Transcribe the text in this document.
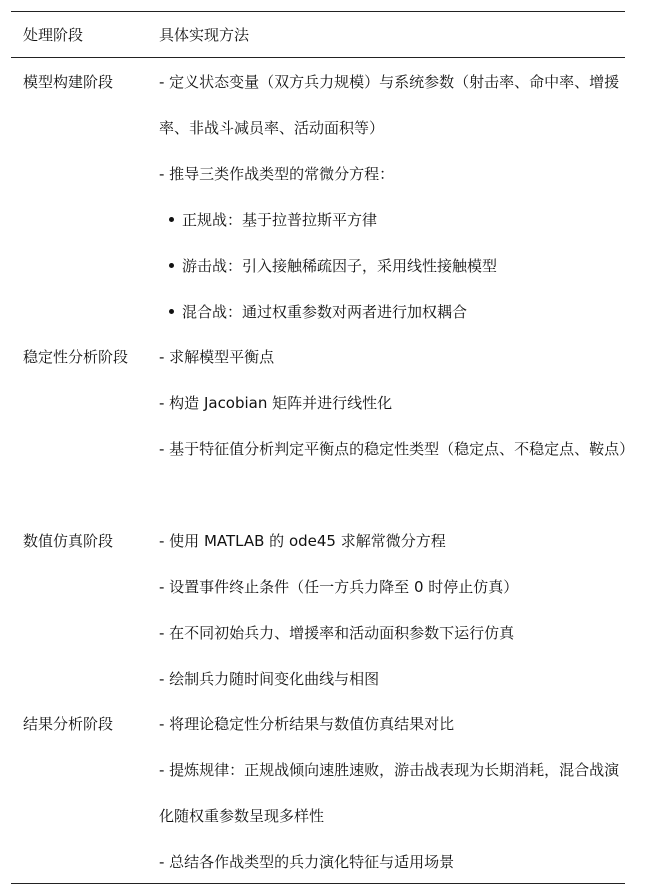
处理阶段	具体实现方法
模型构建阶段	- 定义状态变量（双方兵力规模）与系统参数（射击率、命中率、增援率、非战斗减员率、活动面积等）
- 推导三类作战类型的常微分方程：
正规战：基于拉普拉斯平方律
游击战：引入接触稀疏因子，采用线性接触模型
混合战：通过权重参数对两者进行加权耦合
稳定性分析阶段 - 求解模型平衡点
- 构造 Jacobian 矩阵并进行线性化
- 基于特征值分析判定平衡点的稳定性类型（稳定点、不稳定点、鞍点）
数值仿真阶段	- 使用 MATLAB 的 ode45 求解常微分方程
- 设置事件终止条件（任一方兵力降至 0 时停止仿真）
- 在不同初始兵力、增援率和活动面积参数下运行仿真
- 绘制兵力随时间变化曲线与相图
结果分析阶段	- 将理论稳定性分析结果与数值仿真结果对比
- 提炼规律：正规战倾向速胜速败，游击战表现为长期消耗，混合战演化随权重参数呈现多样性
- 总结各作战类型的兵力演化特征与适用场景
